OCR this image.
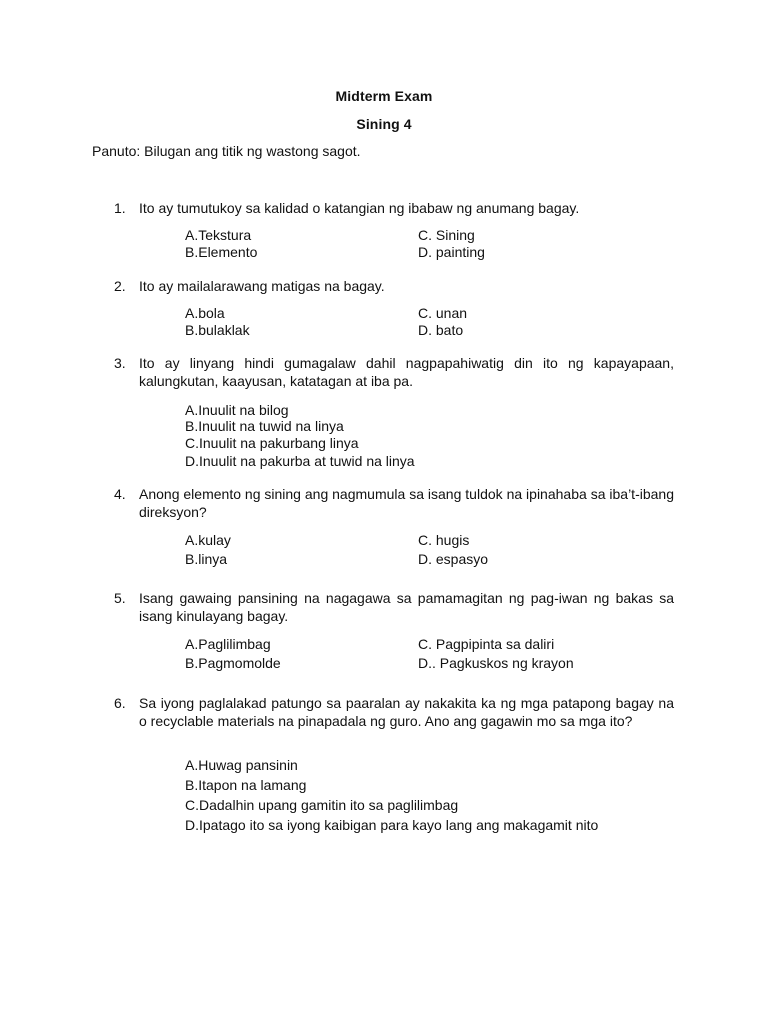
Midterm Exam
Sining 4
Panuto: Bilugan ang titik ng wastong sagot.
1. Ito ay tumutukoy sa kalidad o katangian ng ibabaw ng anumang bagay.
A.Tekstura
B.Elemento
C. Sining
D. painting
2. Ito ay mailalarawang matigas na bagay.
A.bola
B.bulaklak
C. unan
D. bato
3. Ito ay linyang hindi gumagalaw dahil nagpapahiwatig din ito ng kapayapaan, kalungkutan, kaayusan, katatagan at iba pa.
A.Inuulit na bilog
B.Inuulit na tuwid na linya
C.Inuulit na pakurbang linya
D.Inuulit na pakurba at tuwid na linya
4. Anong elemento ng sining ang nagmumula sa isang tuldok na ipinahaba sa iba’t-ibang direksyon?
A.kulay
B.linya
C. hugis
D. espasyo
5. Isang gawaing pansining na nagagawa sa pamamagitan ng pag-iwan ng bakas sa isang kinulayang bagay.
A.Paglilimbag
B.Pagmomolde
C. Pagpipinta sa daliri
D.. Pagkuskos ng krayon
6. Sa iyong paglalakad patungo sa paaralan ay nakakita ka ng mga patapong bagay na o recyclable materials na pinapadala ng guro. Ano ang gagawin mo sa mga ito?
A.Huwag pansinin
B.Itapon na lamang
C.Dadalhin upang gamitin ito sa paglilimbag
D.Ipatago ito sa iyong kaibigan para kayo lang ang makagamit nito
